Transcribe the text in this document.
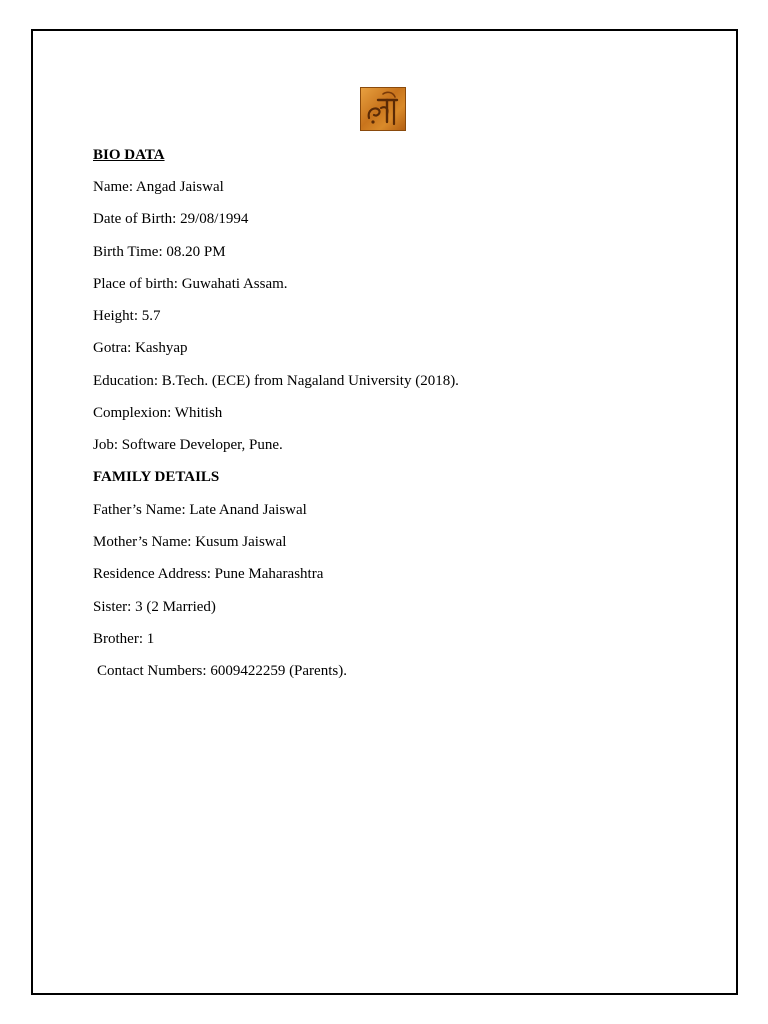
BIO DATA
Name: Angad Jaiswal
Date of Birth: 29/08/1994
Birth Time: 08.20 PM
Place of birth: Guwahati Assam.
Height: 5.7
Gotra: Kashyap
Education: B.Tech. (ECE) from Nagaland University (2018).
Complexion: Whitish
Job: Software Developer, Pune.
FAMILY DETAILS
Father’s Name: Late Anand Jaiswal
Mother’s Name: Kusum Jaiswal
Residence Address: Pune Maharashtra
Sister: 3 (2 Married)
Brother: 1
Contact Numbers: 6009422259 (Parents).
